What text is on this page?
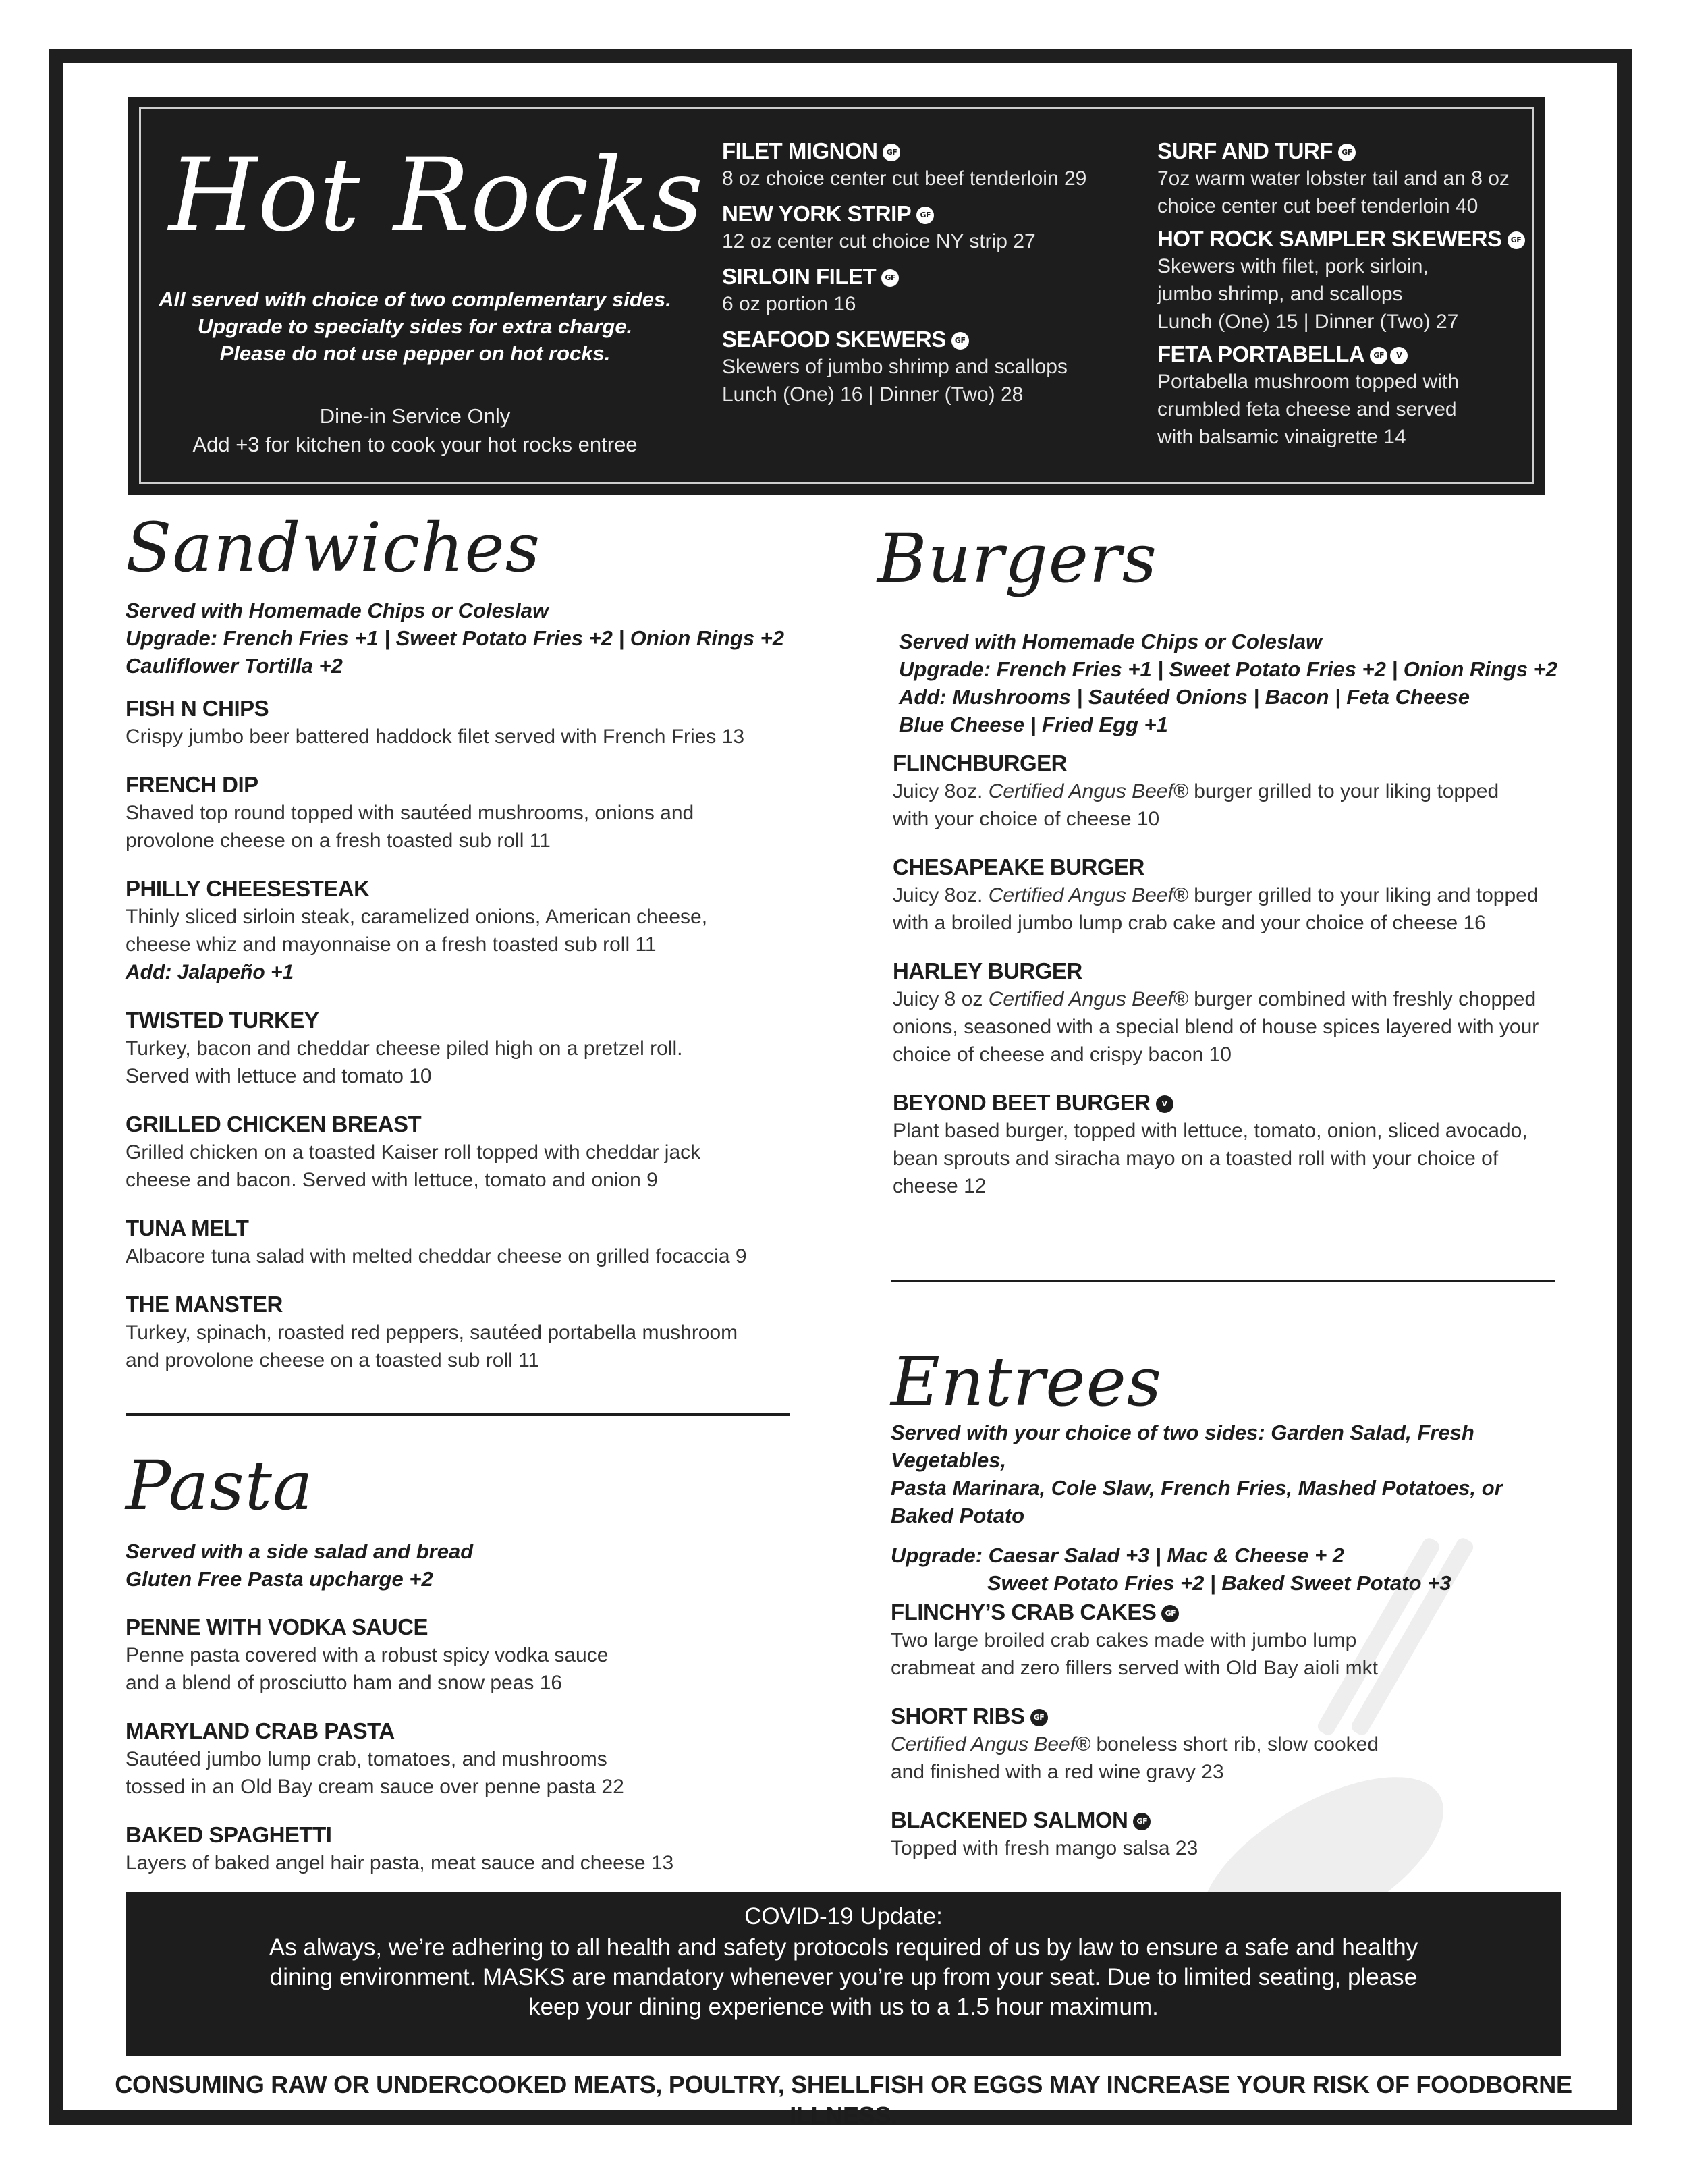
Hot Rocks
All served with choice of two complementary sides.
Upgrade to specialty sides for extra charge.
Please do not use pepper on hot rocks.
Dine-in Service Only
Add +3 for kitchen to cook your hot rocks entree
FILET MIGNON GF
8 oz choice center cut beef tenderloin 29
NEW YORK STRIP GF
12 oz center cut choice NY strip 27
SIRLOIN FILET GF
6 oz portion 16
SEAFOOD SKEWERS GF
Skewers of jumbo shrimp and scallops
Lunch (One) 16 | Dinner (Two) 28
SURF AND TURF GF
7oz warm water lobster tail and an 8 oz
choice center cut beef tenderloin 40
HOT ROCK SAMPLER SKEWERS GF
Skewers with filet, pork sirloin,
jumbo shrimp, and scallops
Lunch (One) 15 | Dinner (Two) 27
FETA PORTABELLA GF V
Portabella mushroom topped with
crumbled feta cheese and served
with balsamic vinaigrette 14
Sandwiches
Served with Homemade Chips or Coleslaw
Upgrade: French Fries +1 | Sweet Potato Fries +2 | Onion Rings +2
Cauliflower Tortilla +2
FISH N CHIPS
Crispy jumbo beer battered haddock filet served with French Fries 13
FRENCH DIP
Shaved top round topped with sautéed mushrooms, onions and
provolone cheese on a fresh toasted sub roll 11
PHILLY CHEESESTEAK
Thinly sliced sirloin steak, caramelized onions, American cheese,
cheese whiz and mayonnaise on a fresh toasted sub roll 11
Add: Jalapeño +1
TWISTED TURKEY
Turkey, bacon and cheddar cheese piled high on a pretzel roll.
Served with lettuce and tomato 10
GRILLED CHICKEN BREAST
Grilled chicken on a toasted Kaiser roll topped with cheddar jack
cheese and bacon. Served with lettuce, tomato and onion 9
TUNA MELT
Albacore tuna salad with melted cheddar cheese on grilled focaccia 9
THE MANSTER
Turkey, spinach, roasted red peppers, sautéed portabella mushroom
and provolone cheese on a toasted sub roll 11
Pasta
Served with a side salad and bread
Gluten Free Pasta upcharge +2
PENNE WITH VODKA SAUCE
Penne pasta covered with a robust spicy vodka sauce
and a blend of prosciutto ham and snow peas 16
MARYLAND CRAB PASTA
Sautéed jumbo lump crab, tomatoes, and mushrooms
tossed in an Old Bay cream sauce over penne pasta 22
BAKED SPAGHETTI
Layers of baked angel hair pasta, meat sauce and cheese 13
Burgers
Served with Homemade Chips or Coleslaw
Upgrade: French Fries +1 | Sweet Potato Fries +2 | Onion Rings +2
Add: Mushrooms | Sautéed Onions | Bacon | Feta Cheese
Blue Cheese | Fried Egg +1
FLINCHBURGER
Juicy 8oz. Certified Angus Beef® burger grilled to your liking topped
with your choice of cheese 10
CHESAPEAKE BURGER
Juicy 8oz. Certified Angus Beef® burger grilled to your liking and topped
with a broiled jumbo lump crab cake and your choice of cheese 16
HARLEY BURGER
Juicy 8 oz Certified Angus Beef® burger combined with freshly chopped
onions, seasoned with a special blend of house spices layered with your
choice of cheese and crispy bacon 10
BEYOND BEET BURGER V
Plant based burger, topped with lettuce, tomato, onion, sliced avocado,
bean sprouts and siracha mayo on a toasted roll with your choice of
cheese 12
Entrees
Served with your choice of two sides: Garden Salad, Fresh Vegetables,
Pasta Marinara, Cole Slaw, French Fries, Mashed Potatoes, or
Baked Potato
Upgrade: Caesar Salad +3 | Mac & Cheese + 2
Sweet Potato Fries +2 | Baked Sweet Potato +3
FLINCHY’S CRAB CAKES GF
Two large broiled crab cakes made with jumbo lump
crabmeat and zero fillers served with Old Bay aioli mkt
SHORT RIBS GF
Certified Angus Beef® boneless short rib, slow cooked
and finished with a red wine gravy 23
BLACKENED SALMON GF
Topped with fresh mango salsa 23
COVID-19 Update:
As always, we’re adhering to all health and safety protocols required of us by law to ensure a safe and healthy
dining environment. MASKS are mandatory whenever you’re up from your seat. Due to limited seating, please
keep your dining experience with us to a 1.5 hour maximum.
CONSUMING RAW OR UNDERCOOKED MEATS, POULTRY, SHELLFISH OR EGGS MAY INCREASE YOUR RISK OF FOODBORNE ILLNESS.
